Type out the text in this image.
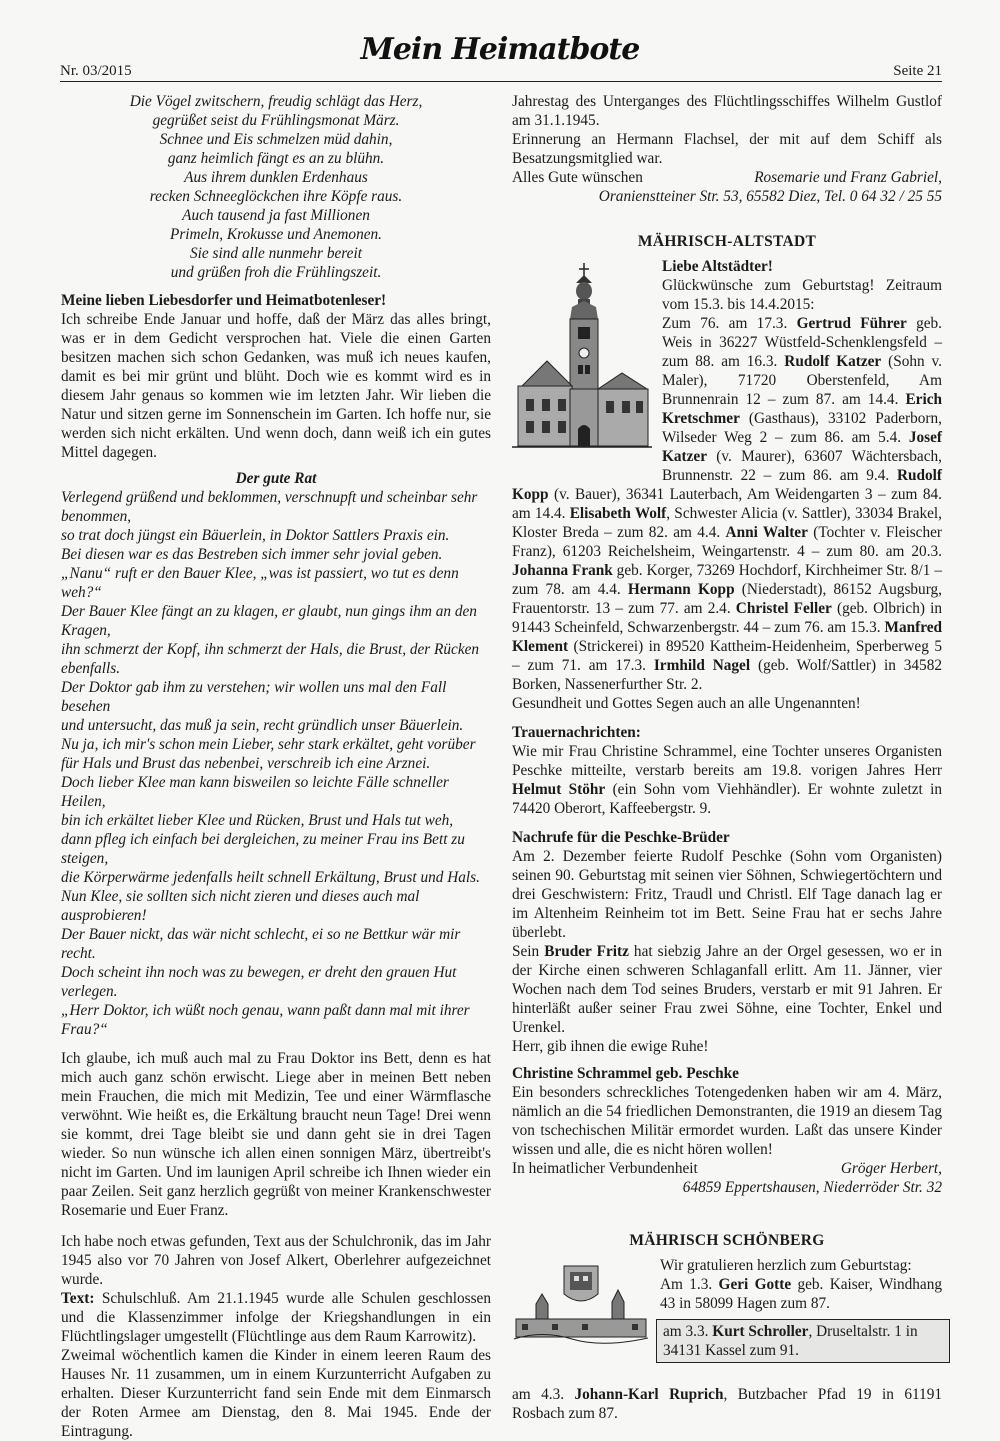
Nr. 03/2015
Mein Heimatbote
Seite 21
Die Vögel zwitschern, freudig schlägt das Herz,
gegrüßet seist du Frühlingsmonat März.
Schnee und Eis schmelzen müd dahin,
ganz heimlich fängt es an zu blühn.
Aus ihrem dunklen Erdenhaus
recken Schneeglöckchen ihre Köpfe raus.
Auch tausend ja fast Millionen
Primeln, Krokusse und Anemonen.
Sie sind alle nunmehr bereit
und grüßen froh die Frühlingszeit.

Meine lieben Liebesdorfer und Heimatbotenleser!

Ich schreibe Ende Januar und hoffe, daß der März das alles bringt, was er in dem Gedicht versprochen hat. Viele die einen Garten besitzen machen sich schon Gedanken, was muß ich neues kaufen, damit es bei mir grünt und blüht. Doch wie es kommt wird es in diesem Jahr genaus so kommen wie im letzten Jahr. Wir lieben die Natur und sitzen gerne im Sonnenschein im Garten. Ich hoffe nur, sie werden sich nicht erkälten. Und wenn doch, dann weiß ich ein gutes Mittel dagegen.

Der gute Rat

Verlegend grüßend und beklommen, verschnupft und scheinbar sehr benommen,

so trat doch jüngst ein Bäuerlein, in Doktor Sattlers Praxis ein.

Bei diesen war es das Bestreben sich immer sehr jovial geben.

„Nanu“ ruft er den Bauer Klee, „was ist passiert, wo tut es denn weh?“

Der Bauer Klee fängt an zu klagen, er glaubt, nun gings ihm an den Kragen,

ihn schmerzt der Kopf, ihn schmerzt der Hals, die Brust, der Rücken ebenfalls.

Der Doktor gab ihm zu verstehen; wir wollen uns mal den Fall besehen

und untersucht, das muß ja sein, recht gründlich unser Bäuerlein.

Nu ja, ich mir's schon mein Lieber, sehr stark erkältet, geht vorüber für Hals und Brust das nebenbei, verschreib ich eine Arznei.

Doch lieber Klee man kann bisweilen so leichte Fälle schneller Heilen,

bin ich erkältet lieber Klee und Rücken, Brust und Hals tut weh,

dann pfleg ich einfach bei dergleichen, zu meiner Frau ins Bett zu steigen,

die Körperwärme jedenfalls heilt schnell Erkältung, Brust und Hals.

Nun Klee, sie sollten sich nicht zieren und dieses auch mal ausprobieren!

Der Bauer nickt, das wär nicht schlecht, ei so ne Bettkur wär mir recht.

Doch scheint ihn noch was zu bewegen, er dreht den grauen Hut verlegen.

„Herr Doktor, ich wüßt noch genau, wann paßt dann mal mit ihrer Frau?“

Ich glaube, ich muß auch mal zu Frau Doktor ins Bett, denn es hat mich auch ganz schön erwischt. Liege aber in meinen Bett neben mein Frauchen, die mich mit Medizin, Tee und einer Wärmflasche verwöhnt. Wie heißt es, die Erkältung braucht neun Tage! Drei wenn sie kommt, drei Tage bleibt sie und dann geht sie in drei Tagen wieder. So nun wünsche ich allen einen sonnigen März, übertreibt's nicht im Garten. Und im launigen April schreibe ich Ihnen wieder ein paar Zeilen. Seit ganz herzlich gegrüßt von meiner Krankenschwester Rosemarie und Euer Franz.

Ich habe noch etwas gefunden, Text aus der Schulchronik, das im Jahr 1945 also vor 70 Jahren von Josef Alkert, Oberlehrer aufgezeichnet wurde.

Text: Schulschluß. Am 21.1.1945 wurde alle Schulen geschlossen und die Klassenzimmer infolge der Kriegshandlungen in ein Flüchtlingslager umgestellt (Flüchtlinge aus dem Raum Karrowitz).

Zweimal wöchentlich kamen die Kinder in einem leeren Raum des Hauses Nr. 11 zusammen, um in einem Kurzunterricht Aufgaben zu erhalten. Dieser Kurzunterricht fand sein Ende mit dem Einmarsch der Roten Armee am Dienstag, den 8. Mai 1945. Ende der Eintragung.

Jahrestag des Unterganges des Flüchtlingsschiffes Wilhelm Gustlof am 31.1.1945.

Erinnerung an Hermann Flachsel, der mit auf dem Schiff als Besatzungsmitglied war.

Alles Gute wünschen	Rosemarie und Franz Gabriel,

Oranienstteiner Str. 53, 65582 Diez, Tel. 0 64 32 / 25 55

MÄHRISCH-ALTSTADT

Liebe Altstädter!

Glückwünsche zum Geburtstag! Zeitraum vom 15.3. bis 14.4.2015:

Zum 76. am 17.3. Gertrud Führer geb. Weis in 36227 Wüstfeld-Schenklengsfeld – zum 88. am 16.3. Rudolf Katzer (Sohn v. Maler), 71720 Oberstenfeld, Am Brunnenrain 12 – zum 87. am 14.4. Erich Kretschmer (Gasthaus), 33102 Paderborn, Wilseder Weg 2 – zum 86. am 5.4. Josef Katzer (v. Maurer), 63607 Wächtersbach, Brunnenstr. 22 – zum 86. am 9.4. Rudolf Kopp (v. Bauer), 36341 Lauterbach, Am Weidengarten 3 – zum 84. am 14.4. Elisabeth Wolf, Schwester Alicia (v. Sattler), 33034 Brakel, Kloster Breda – zum 82. am 4.4. Anni Walter (Tochter v. Fleischer Franz), 61203 Reichelsheim, Weingartenstr. 4 – zum 80. am 20.3. Johanna Frank geb. Korger, 73269 Hochdorf, Kirchheimer Str. 8/1 – zum 78. am 4.4. Hermann Kopp (Niederstadt), 86152 Augsburg, Frauentorstr. 13 – zum 77. am 2.4. Christel Feller (geb. Olbrich) in 91443 Scheinfeld, Schwarzenbergstr. 44 – zum 76. am 15.3. Manfred Klement (Strickerei) in 89520 Kattheim-Heidenheim, Sperberweg 5 – zum 71. am 17.3. Irmhild Nagel (geb. Wolf/Sattler) in 34582 Borken, Nassenerfurther Str. 2.

Gesundheit und Gottes Segen auch an alle Ungenannten!

Trauernachrichten:

Wie mir Frau Christine Schrammel, eine Tochter unseres Organisten Peschke mitteilte, verstarb bereits am 19.8. vorigen Jahres Herr Helmut Stöhr (ein Sohn vom Viehhändler). Er wohnte zuletzt in 74420 Oberort, Kaffeebergstr. 9.

Nachrufe für die Peschke-Brüder

Am 2. Dezember feierte Rudolf Peschke (Sohn vom Organisten) seinen 90. Geburtstag mit seinen vier Söhnen, Schwiegertöchtern und drei Geschwistern: Fritz, Traudl und Christl. Elf Tage danach lag er im Altenheim Reinheim tot im Bett. Seine Frau hat er sechs Jahre überlebt.

Sein Bruder Fritz hat siebzig Jahre an der Orgel gesessen, wo er in der Kirche einen schweren Schlaganfall erlitt. Am 11. Jänner, vier Wochen nach dem Tod seines Bruders, verstarb er mit 91 Jahren. Er hinterläßt außer seiner Frau zwei Söhne, eine Tochter, Enkel und Urenkel.

Herr, gib ihnen die ewige Ruhe!

Christine Schrammel geb. Peschke

Ein besonders schreckliches Totengedenken haben wir am 4. März, nämlich an die 54 friedlichen Demonstranten, die 1919 an diesem Tag von tschechischen Militär ermordet wurden. Laßt das unsere Kinder wissen und alle, die es nicht hören wollen!

In heimatlicher Verbundenheit	Gröger Herbert,

64859 Eppertshausen, Niederröder Str. 32

MÄHRISCH SCHÖNBERG

Wir gratulieren herzlich zum Geburtstag:

Am 1.3. Geri Gotte geb. Kaiser, Windhang 43 in 58099 Hagen zum 87.

am 3.3. Kurt Schroller, Druseltalstr. 1 in 34131 Kassel zum 91.

am 4.3. Johann-Karl Ruprich, Butzbacher Pfad 19 in 61191 Rosbach zum 87.
